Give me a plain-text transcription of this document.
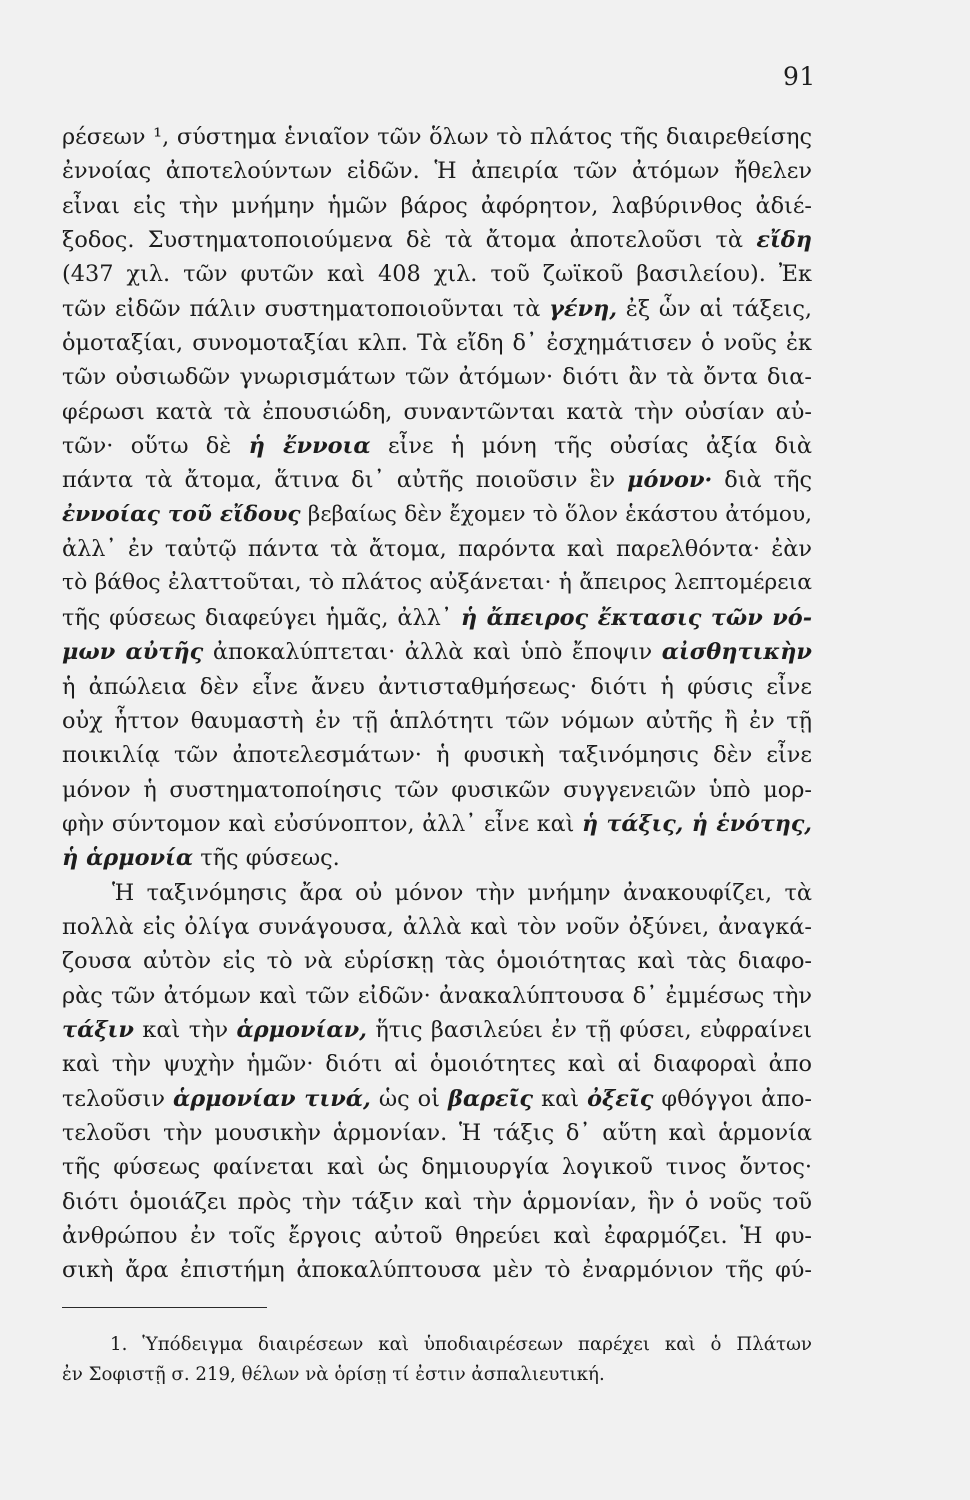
91
ρέσεων ¹, σύστημα ἑνιαῖον τῶν ὅλων τὸ πλάτος τῆς διαιρεθείσης
ἐννοίας ἀποτελούντων εἰδῶν. Ἡ ἀπειρία τῶν ἀτόμων ἤθελεν
εἶναι εἰς τὴν μνήμην ἡμῶν βάρος ἀφόρητον, λαβύρινθος ἀδιέ-
ξοδος. Συστηματοποιούμενα δὲ τὰ ἄτομα ἀποτελοῦσι τὰ εἴδη
(437 χιλ. τῶν φυτῶν καὶ 408 χιλ. τοῦ ζωϊκοῦ βασιλείου). Ἐκ
τῶν εἰδῶν πάλιν συστηματοποιοῦνται τὰ γένη, ἐξ ὧν αἱ τάξεις,
ὁμοταξίαι, συνομοταξίαι κλπ. Τὰ εἴδη δ᾽ ἐσχημάτισεν ὁ νοῦς ἐκ
τῶν οὐσιωδῶν γνωρισμάτων τῶν ἀτόμων· διότι ἂν τὰ ὄντα δια-
φέρωσι κατὰ τὰ ἐπουσιώδη, συναντῶνται κατὰ τὴν οὐσίαν αὐ-
τῶν· οὕτω δὲ ἡ ἔννοια εἶνε ἡ μόνη τῆς οὐσίας ἀξία διὰ
πάντα τὰ ἄτομα, ἅτινα δι᾽ αὐτῆς ποιοῦσιν ἓν μόνον· διὰ τῆς
ἐννοίας τοῦ εἴδους βεβαίως δὲν ἔχομεν τὸ ὅλον ἑκάστου ἀτόμου,
ἀλλ᾽ ἐν ταὐτῷ πάντα τὰ ἄτομα, παρόντα καὶ παρελθόντα· ἐὰν
τὸ βάθος ἐλαττοῦται, τὸ πλάτος αὐξάνεται· ἡ ἄπειρος λεπτομέρεια
τῆς φύσεως διαφεύγει ἡμᾶς, ἀλλ᾽ ἡ ἄπειρος ἔκτασις τῶν νό-
μων αὐτῆς ἀποκαλύπτεται· ἀλλὰ καὶ ὑπὸ ἔποψιν αἰσθητικὴν
ἡ ἀπώλεια δὲν εἶνε ἄνευ ἀντισταθμήσεως· διότι ἡ φύσις εἶνε
οὐχ ἧττον θαυμαστὴ ἐν τῇ ἁπλότητι τῶν νόμων αὐτῆς ἢ ἐν τῇ
ποικιλίᾳ τῶν ἀποτελεσμάτων· ἡ φυσικὴ ταξινόμησις δὲν εἶνε
μόνον ἡ συστηματοποίησις τῶν φυσικῶν συγγενειῶν ὑπὸ μορ-
φὴν σύντομον καὶ εὐσύνοπτον, ἀλλ᾽ εἶνε καὶ ἡ τάξις, ἡ ἑνότης,
ἡ ἁρμονία τῆς φύσεως.
Ἡ ταξινόμησις ἄρα οὐ μόνον τὴν μνήμην ἀνακουφίζει, τὰ
πολλὰ εἰς ὀλίγα συνάγουσα, ἀλλὰ καὶ τὸν νοῦν ὀξύνει, ἀναγκά-
ζουσα αὐτὸν εἰς τὸ νὰ εὑρίσκῃ τὰς ὁμοιότητας καὶ τὰς διαφο-
ρὰς τῶν ἀτόμων καὶ τῶν εἰδῶν· ἀνακαλύπτουσα δ᾽ ἐμμέσως τὴν
τάξιν καὶ τὴν ἁρμονίαν, ἥτις βασιλεύει ἐν τῇ φύσει, εὐφραίνει
καὶ τὴν ψυχὴν ἡμῶν· διότι αἱ ὁμοιότητες καὶ αἱ διαφοραὶ ἀπο
τελοῦσιν ἁρμονίαν τινά, ὡς οἱ βαρεῖς καὶ ὀξεῖς φθόγγοι ἀπο-
τελοῦσι τὴν μουσικὴν ἁρμονίαν. Ἡ τάξις δ᾽ αὕτη καὶ ἁρμονία
τῆς φύσεως φαίνεται καὶ ὡς δημιουργία λογικοῦ τινος ὄντος·
διότι ὁμοιάζει πρὸς τὴν τάξιν καὶ τὴν ἁρμονίαν, ἣν ὁ νοῦς τοῦ
ἀνθρώπου ἐν τοῖς ἔργοις αὐτοῦ θηρεύει καὶ ἐφαρμόζει. Ἡ φυ-
σικὴ ἄρα ἐπιστήμη ἀποκαλύπτουσα μὲν τὸ ἐναρμόνιον τῆς φύ-
1. Ὑπόδειγμα διαιρέσεων καὶ ὑποδιαιρέσεων παρέχει καὶ ὁ Πλάτων
ἐν Σοφιστῇ σ. 219, θέλων νὰ ὁρίσῃ τί ἐστιν ἀσπαλιευτική.
